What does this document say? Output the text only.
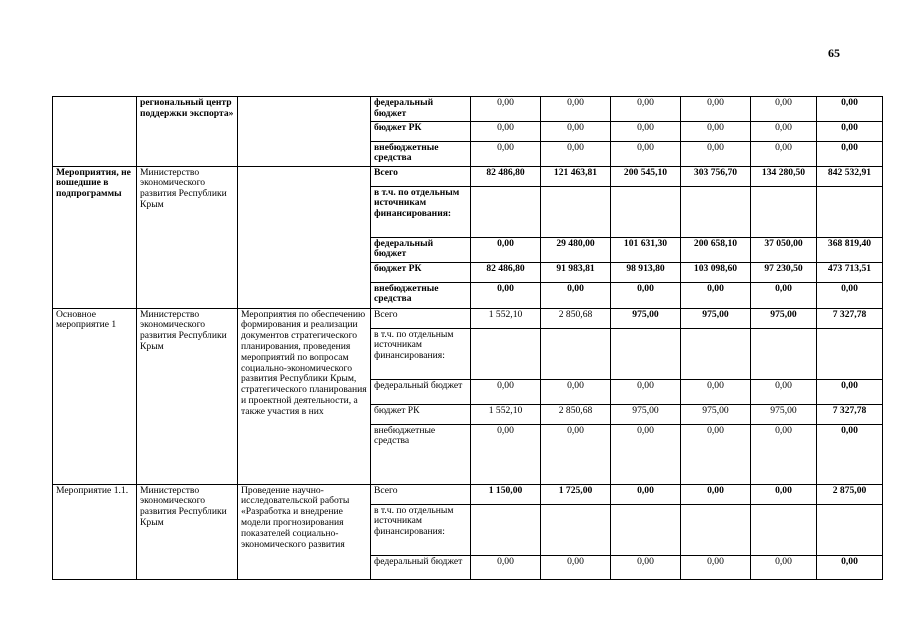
65
	региональный центр поддержки экспорта»		федеральный бюджет	0,00	0,00	0,00	0,00	0,00	0,00
			бюджет РК	0,00	0,00	0,00	0,00	0,00	0,00
			внебюджетные средства	0,00	0,00	0,00	0,00	0,00	0,00
Мероприятия, не вошедшие в подпрограммы	Министерство экономического развития Республики Крым		Всего	82 486,80	121 463,81	200 545,10	303 756,70	134 280,50	842 532,91
			в т.ч. по отдельным источникам финансирования:						
			федеральный бюджет	0,00	29 480,00	101 631,30	200 658,10	37 050,00	368 819,40
			бюджет РК	82 486,80	91 983,81	98 913,80	103 098,60	97 230,50	473 713,51
			внебюджетные средства	0,00	0,00	0,00	0,00	0,00	0,00
Основное мероприятие 1	Министерство экономического развития Республики Крым	Мероприятия по обеспечению формирования и реализации документов стратегического планирования, проведения мероприятий по вопросам социально-экономического развития Республики Крым, стратегического планирования и проектной деятельности, а также участия в них	Всего	1 552,10	2 850,68	975,00	975,00	975,00	7 327,78
			в т.ч. по отдельным источникам финансирования:						
			федеральный бюджет	0,00	0,00	0,00	0,00	0,00	0,00
			бюджет РК	1 552,10	2 850,68	975,00	975,00	975,00	7 327,78
			внебюджетные средства	0,00	0,00	0,00	0,00	0,00	0,00
Мероприятие 1.1.	Министерство экономического развития Республики Крым	Проведение научно-исследовательской работы «Разработка и внедрение модели прогнозирования показателей социально-экономического развития	Всего	1 150,00	1 725,00	0,00	0,00	0,00	2 875,00
			в т.ч. по отдельным источникам финансирования:						
			федеральный бюджет	0,00	0,00	0,00	0,00	0,00	0,00
